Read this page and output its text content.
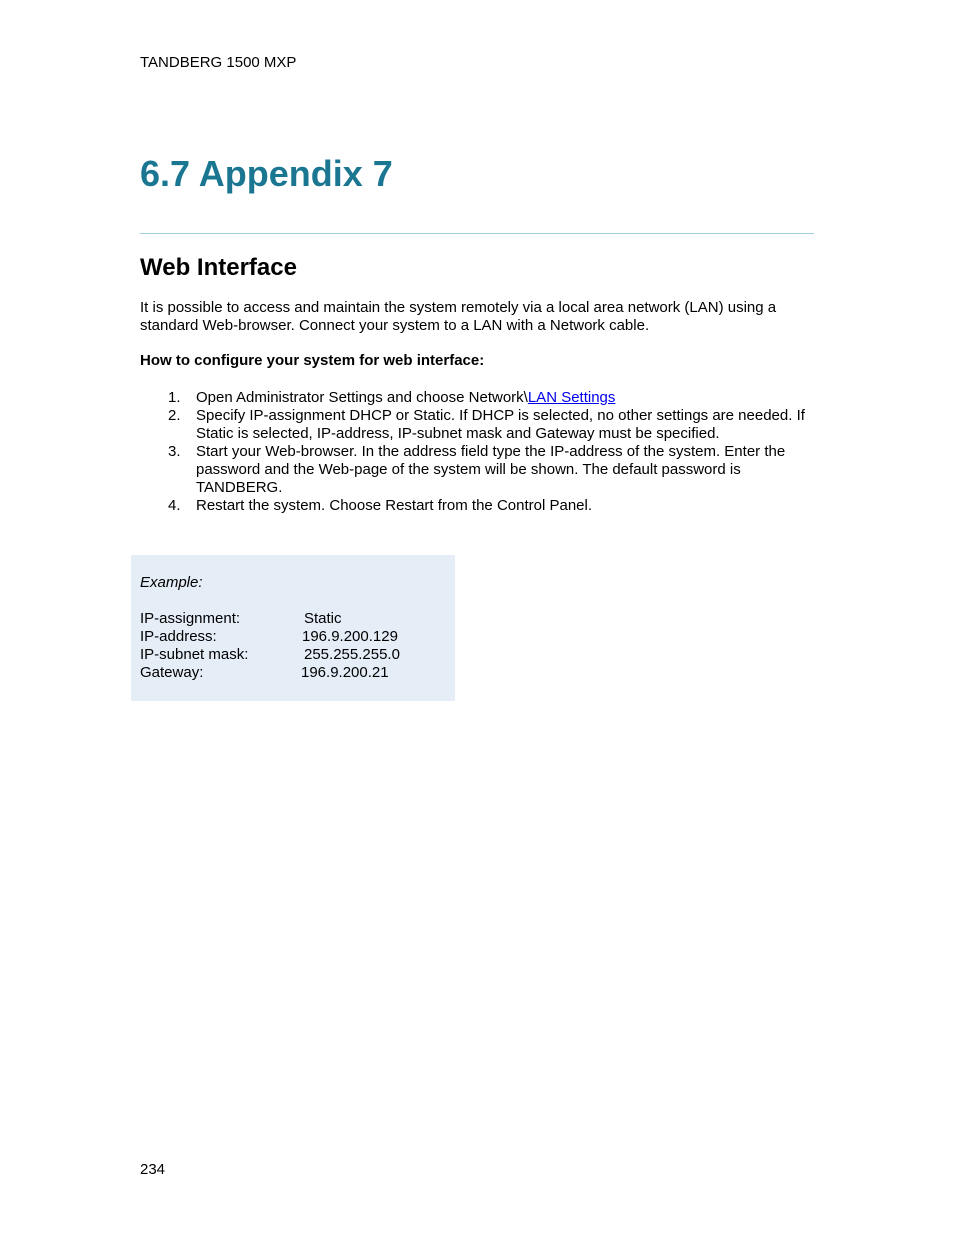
TANDBERG 1500 MXP
6.7 Appendix 7
Web Interface

It is possible to access and maintain the system remotely via a local area network (LAN) using a standard Web-browser. Connect your system to a LAN with a Network cable.

How to configure your system for web interface:

1. Open Administrator Settings and choose Network\LAN Settings
2. Specify IP-assignment DHCP or Static. If DHCP is selected, no other settings are needed. If Static is selected, IP-address, IP-subnet mask and Gateway must be specified.
3. Start your Web-browser. In the address field type the IP-address of the system. Enter the password and the Web-page of the system will be shown. The default password is TANDBERG.
4. Restart the system. Choose Restart from the Control Panel.
Example:
IP-assignment:	Static
IP-address:	196.9.200.129
IP-subnet mask:	255.255.255.0
Gateway:	196.9.200.21
234
